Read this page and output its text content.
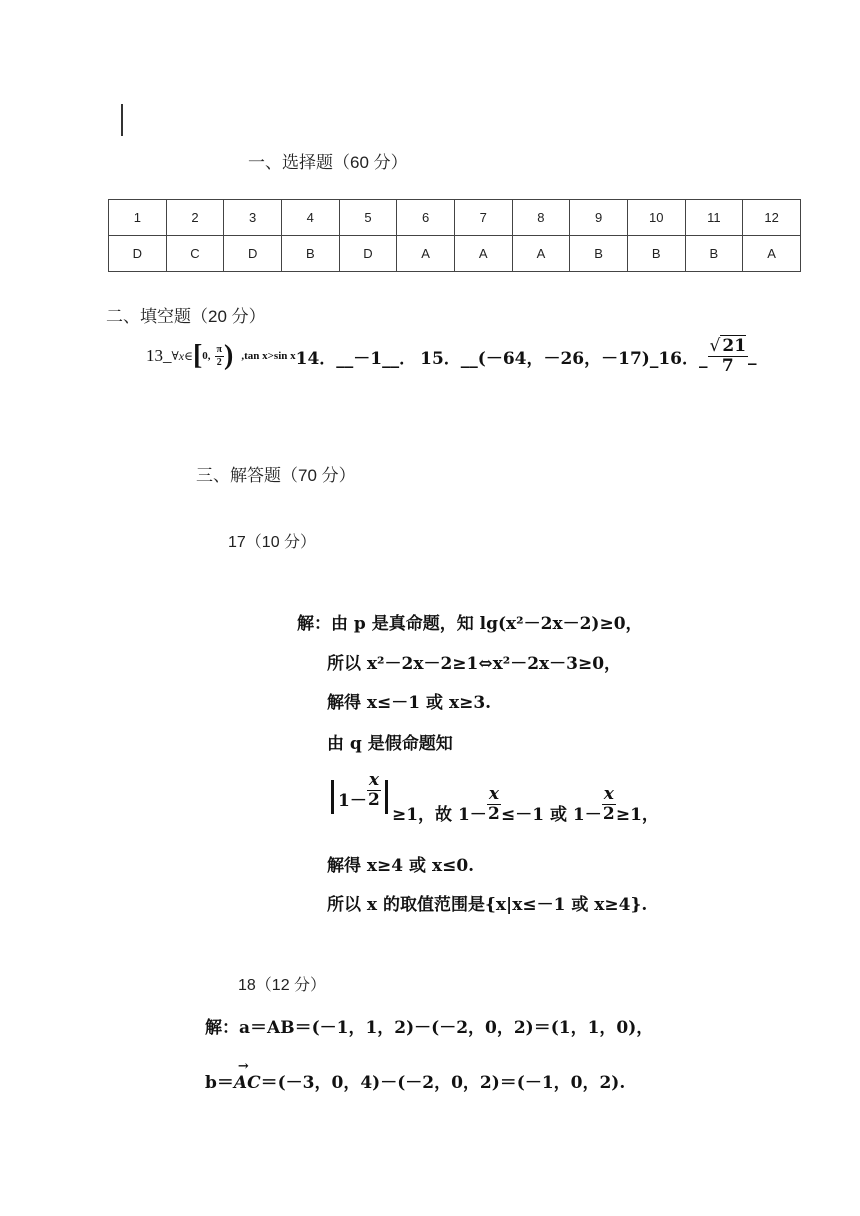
一、选择题（60 分）
1	2	3	4	5	6	7	8	9	10	11	12
D	C	D	B	D	A	A	A	B	B	B	A
二、填空题（20 分）
13_ ∀ x ∈ [ 0, $\frac{\pi}{2}$ ) ,tan x>sin x 14．__－1__． 15．__(－64，－26，－17)_ 16．_ $\frac{√ 21}{7}$ _
三、解答题（70 分）
17（10 分）
解：由 p 是真命题，知 lg(x²－2x－2)≥0，
所以 x²－2x－2≥1⇔x²－2x－3≥0，
解得 x≤－1 或 x≥3.
由 q 是假命题知
$1- \frac{x}{2}$
≥1，故 $1- \frac{x}{2} \le-1$ 或 $1- \frac{x}{2} \ge 1$，
解得 x≥4 或 x≤0.
所以 x 的取值范围是{x|x≤－1 或 x≥4}.
18（12 分）
解：a＝AB＝(－1，1，2)－(－2，0，2)＝(1，1，0)，
b＝→ AC＝(－3，0，4)－(－2，0，2)＝(－1，0，2).
